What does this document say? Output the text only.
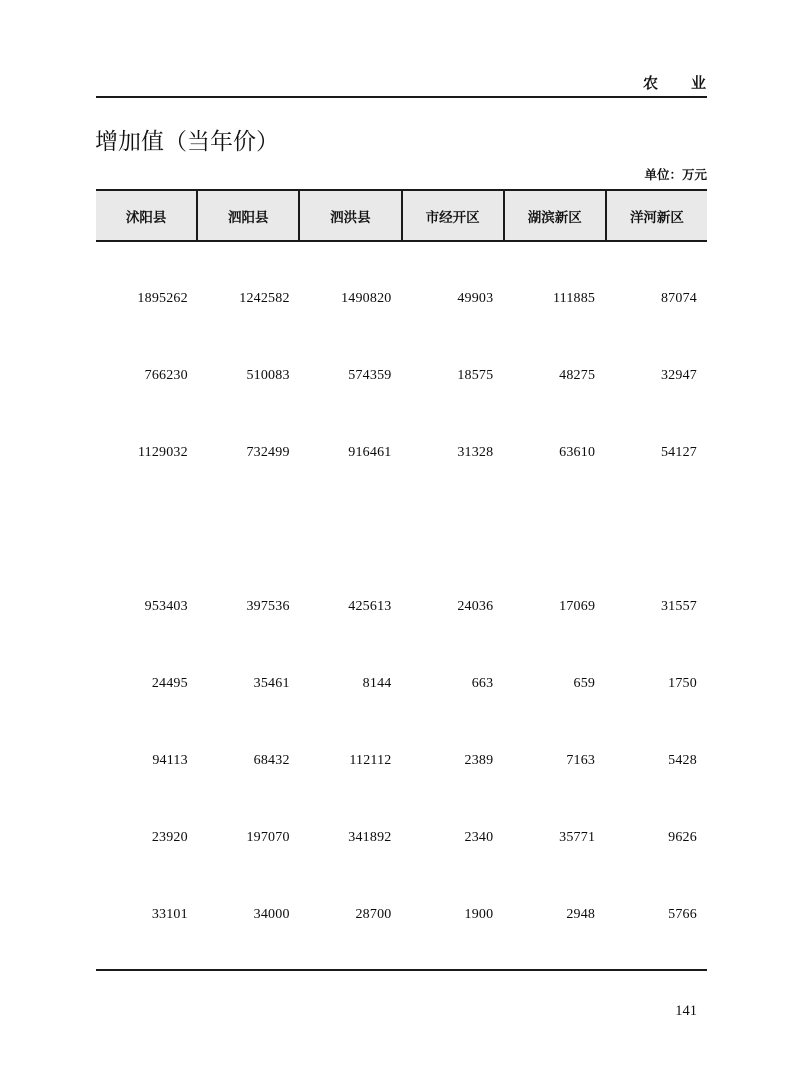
农　　业
增加值（当年价）
单位：万元
沭阳县	泗阳县	泗洪县	市经开区	湖滨新区	洋河新区
1895262	1242582	1490820	49903	111885	87074
766230	510083	574359	18575	48275	32947
1129032	732499	916461	31328	63610	54127
953403	397536	425613	24036	17069	31557
24495	35461	8144	663	659	1750
94113	68432	112112	2389	7163	5428
23920	197070	341892	2340	35771	9626
33101	34000	28700	1900	2948	5766
141
